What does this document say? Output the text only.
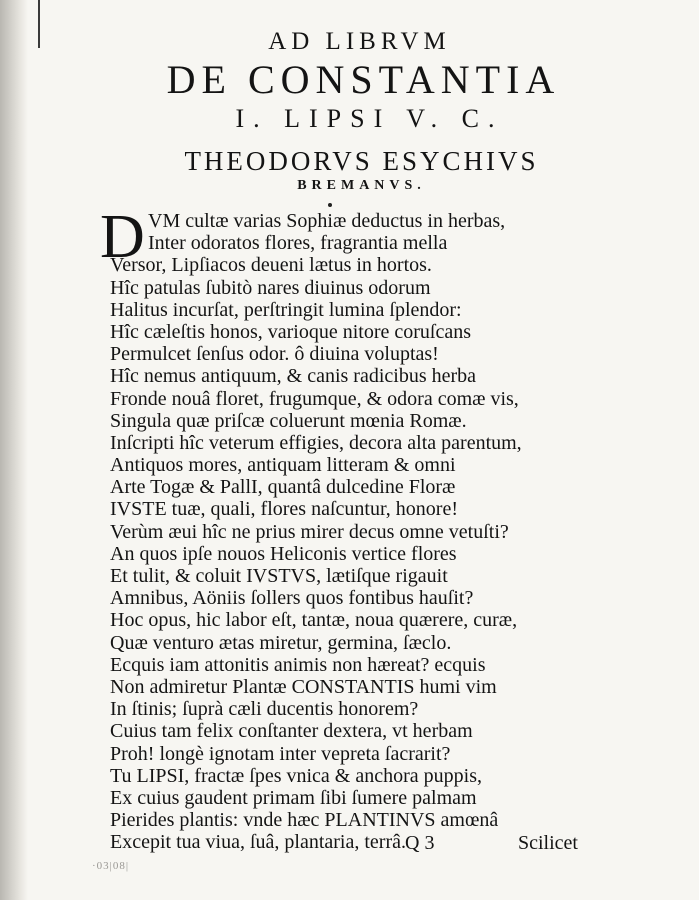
AD LIBRVM
DE CONSTANTIA
I. LIPSI V. C.
THEODORVS ESYCHIVS
BREMANVS.
D VM cultæ varias Sophiæ deductus in herbas,
Inter odoratos flores, fragrantia mella
Versor, Lipſiacos deueni lætus in hortos.
Hîc patulas ſubitò nares diuinus odorum
Halitus incurſat, perſtringit lumina ſplendor:
Hîc cæleſtis honos, varioque nitore coruſcans
Permulcet ſenſus odor. ô diuina voluptas!
Hîc nemus antiquum, & canis radicibus herba
Fronde nouâ floret, frugumque, & odora comæ vis,
Singula quæ priſcæ coluerunt mœnia Romæ.
Inſcripti hîc veterum effigies, decora alta parentum,
Antiquos mores, antiquam litteram & omni
Arte Togæ & PallI, quantâ dulcedine Floræ
IVSTE tuæ, quali, flores naſcuntur, honore!
Verùm æui hîc ne prius mirer decus omne vetuſti?
An quos ipſe nouos Heliconis vertice flores
Et tulit, & coluit IVSTVS, lætiſque rigauit
Amnibus, Aöniis ſollers quos fontibus hauſit?
Hoc opus, hic labor eſt, tantæ, noua quærere, curæ,
Quæ venturo ætas miretur, germina, ſæclo.
Ecquis iam attonitis animis non hæreat? ecquis
Non admiretur Plantæ CONSTANTIS humi vim
In ſtinis; ſuprà cæli ducentis honorem?
Cuius tam felix conſtanter dextera, vt herbam
Proh! longè ignotam inter vepreta ſacrarit?
Tu LIPSI, fractæ ſpes vnica & anchora puppis,
Ex cuius gaudent primam ſibi ſumere palmam
Pierides plantis: vnde hæc PLANTINVS amœnâ
Excepit tua viua, ſuâ, plantaria, terrâ. Q 3	Scilicet
·03|08|
